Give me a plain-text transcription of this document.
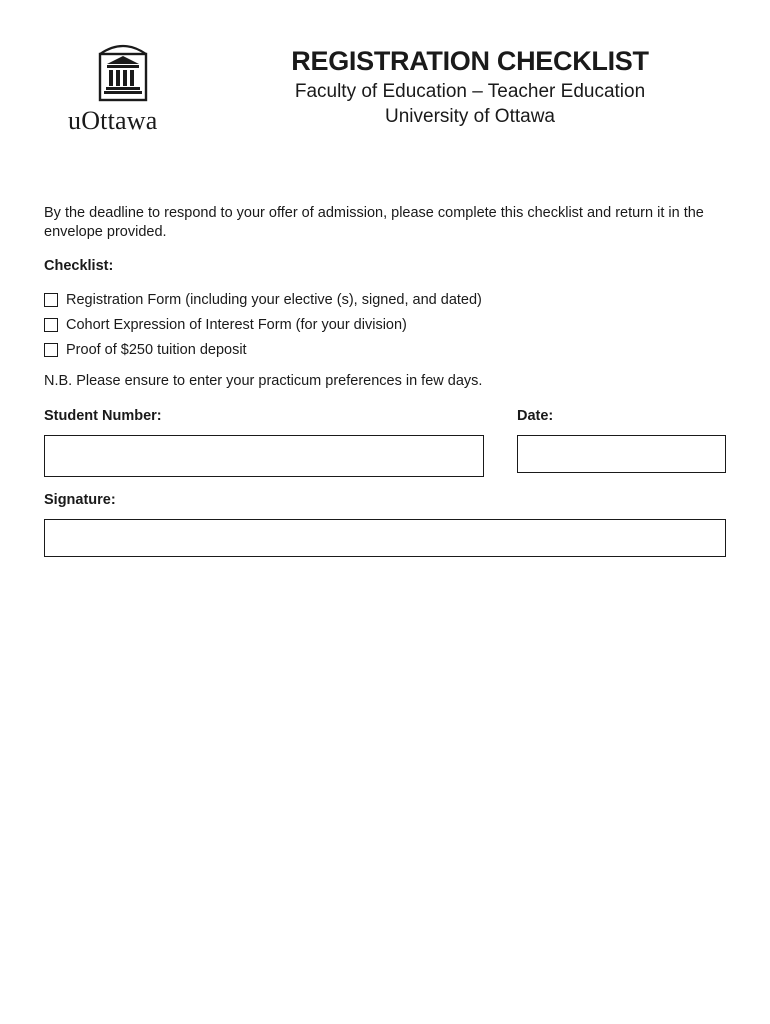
uOttawa
REGISTRATION CHECKLIST
Faculty of Education – Teacher Education
University of Ottawa
By the deadline to respond to your offer of admission, please complete this checklist and return it in the envelope provided.
Checklist:
Registration Form (including your elective (s), signed, and dated)
Cohort Expression of Interest Form (for your division)
Proof of $250 tuition deposit
N.B. Please ensure to enter your practicum preferences in few days.
Student Number:	Date:
Signature:
